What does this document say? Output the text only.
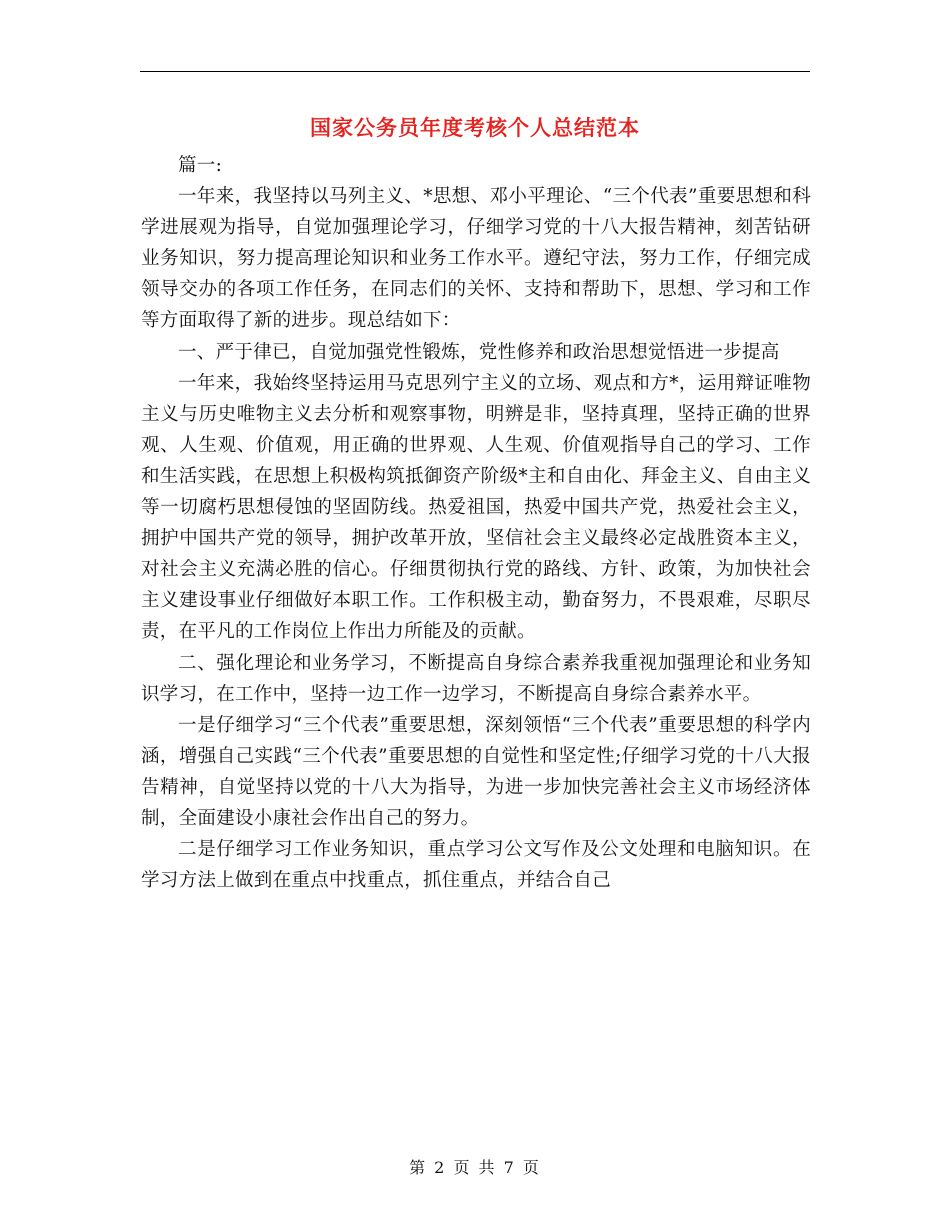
国家公务员年度考核个人总结范本

篇一:

一年来，我坚持以马列主义、*思想、邓小平理论、“三个代表”重要思想和科学进展观为指导，自觉加强理论学习，仔细学习党的十八大报告精神，刻苦钻研业务知识，努力提高理论知识和业务工作水平。遵纪守法，努力工作，仔细完成领导交办的各项工作任务，在同志们的关怀、支持和帮助下，思想、学习和工作等方面取得了新的进步。现总结如下：

一、严于律已，自觉加强党性锻炼，党性修养和政治思想觉悟进一步提高

一年来，我始终坚持运用马克思列宁主义的立场、观点和方*，运用辩证唯物主义与历史唯物主义去分析和观察事物，明辨是非，坚持真理，坚持正确的世界观、人生观、价值观，用正确的世界观、人生观、价值观指导自己的学习、工作和生活实践，在思想上积极构筑抵御资产阶级*主和自由化、拜金主义、自由主义等一切腐朽思想侵蚀的坚固防线。热爱祖国，热爱中国共产党，热爱社会主义，拥护中国共产党的领导，拥护改革开放，坚信社会主义最终必定战胜资本主义，对社会主义充满必胜的信心。仔细贯彻执行党的路线、方针、政策，为加快社会主义建设事业仔细做好本职工作。工作积极主动，勤奋努力，不畏艰难，尽职尽责，在平凡的工作岗位上作出力所能及的贡献。

二、强化理论和业务学习，不断提高自身综合素养我重视加强理论和业务知识学习，在工作中，坚持一边工作一边学习，不断提高自身综合素养水平。

一是仔细学习“三个代表”重要思想，深刻领悟“三个代表”重要思想的科学内涵，增强自己实践“三个代表”重要思想的自觉性和坚定性;仔细学习党的十八大报告精神，自觉坚持以党的十八大为指导，为进一步加快完善社会主义市场经济体制，全面建设小康社会作出自己的努力。

二是仔细学习工作业务知识，重点学习公文写作及公文处理和电脑知识。在学习方法上做到在重点中找重点，抓住重点，并结合自己

第 2 页 共 7 页
